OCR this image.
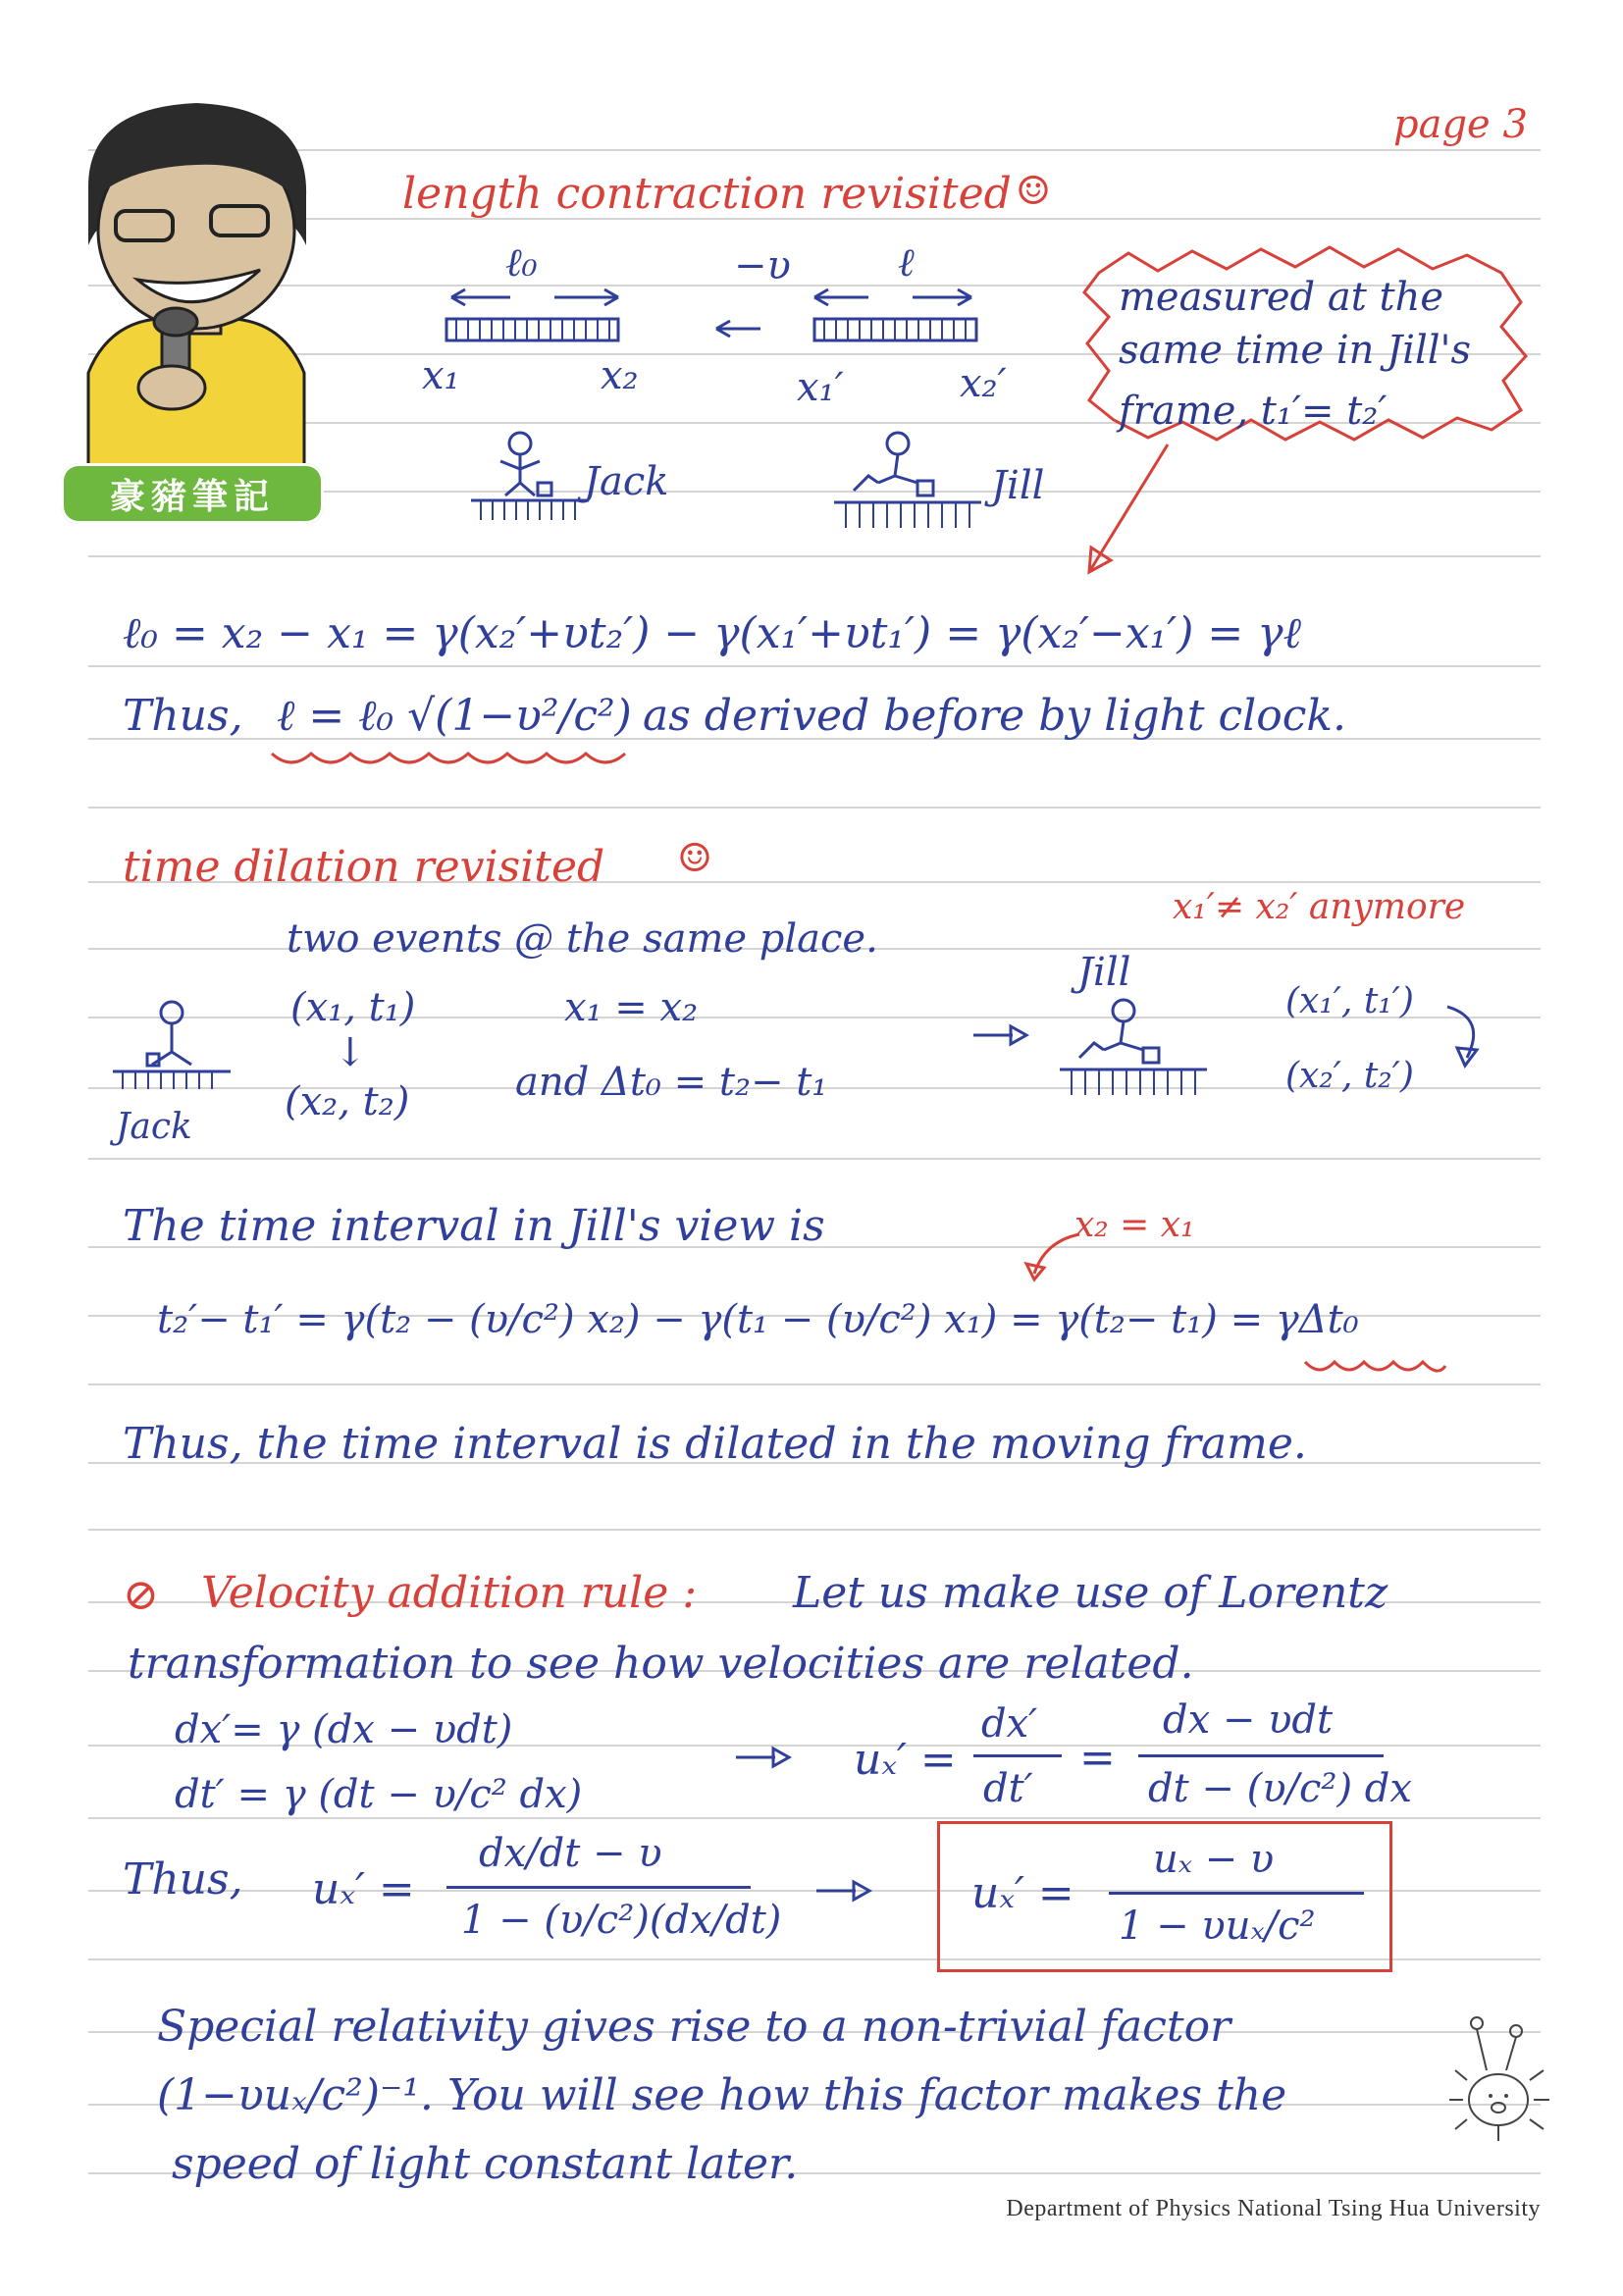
page 3
豪豬筆記
length contraction revisited ☺
ℓ₀	−υ	ℓ
x₁	x₂	x₁′	x₂′
Jack	Jill
measured at the
same time in Jill's
frame, t₁′= t₂′
ℓ₀ = x₂ − x₁ = γ(x₂′+υt₂′) − γ(x₁′+υt₁′) = γ(x₂′−x₁′) = γℓ
Thus, ℓ = ℓ₀ √(1−υ²/c²) as derived before by light clock.
time dilation revisited ☺
x₁′≠ x₂′ anymore
two events @ the same place.
Jill
(x₁, t₁)
↓
(x₂, t₂)
x₁ = x₂
and Δt₀ = t₂− t₁
(x₁′, t₁′)
(x₂′, t₂′)
Jack
The time interval in Jill's view is	x₂ = x₁
t₂′− t₁′ = γ(t₂ − (υ/c²) x₂) − γ(t₁ − (υ/c²) x₁) = γ(t₂− t₁) = γΔt₀
Thus, the time interval is dilated in the moving frame.
⊘ Velocity addition rule : Let us make use of Lorentz
transformation to see how velocities are related.
dx′= γ (dx − υdt)
dt′ = γ (dt − υ/c² dx)
uₓ′ =
dx′
dt′
=
dx − υdt
dt − (υ/c²) dx
Thus, uₓ′ =
dx/dt − υ
1 − (υ/c²)(dx/dt)
uₓ′ =
uₓ − υ
1 − υuₓ/c²
Special relativity gives rise to a non-trivial factor
(1−υuₓ/c²)⁻¹. You will see how this factor makes the
speed of light constant later.
Department of Physics National Tsing Hua University
